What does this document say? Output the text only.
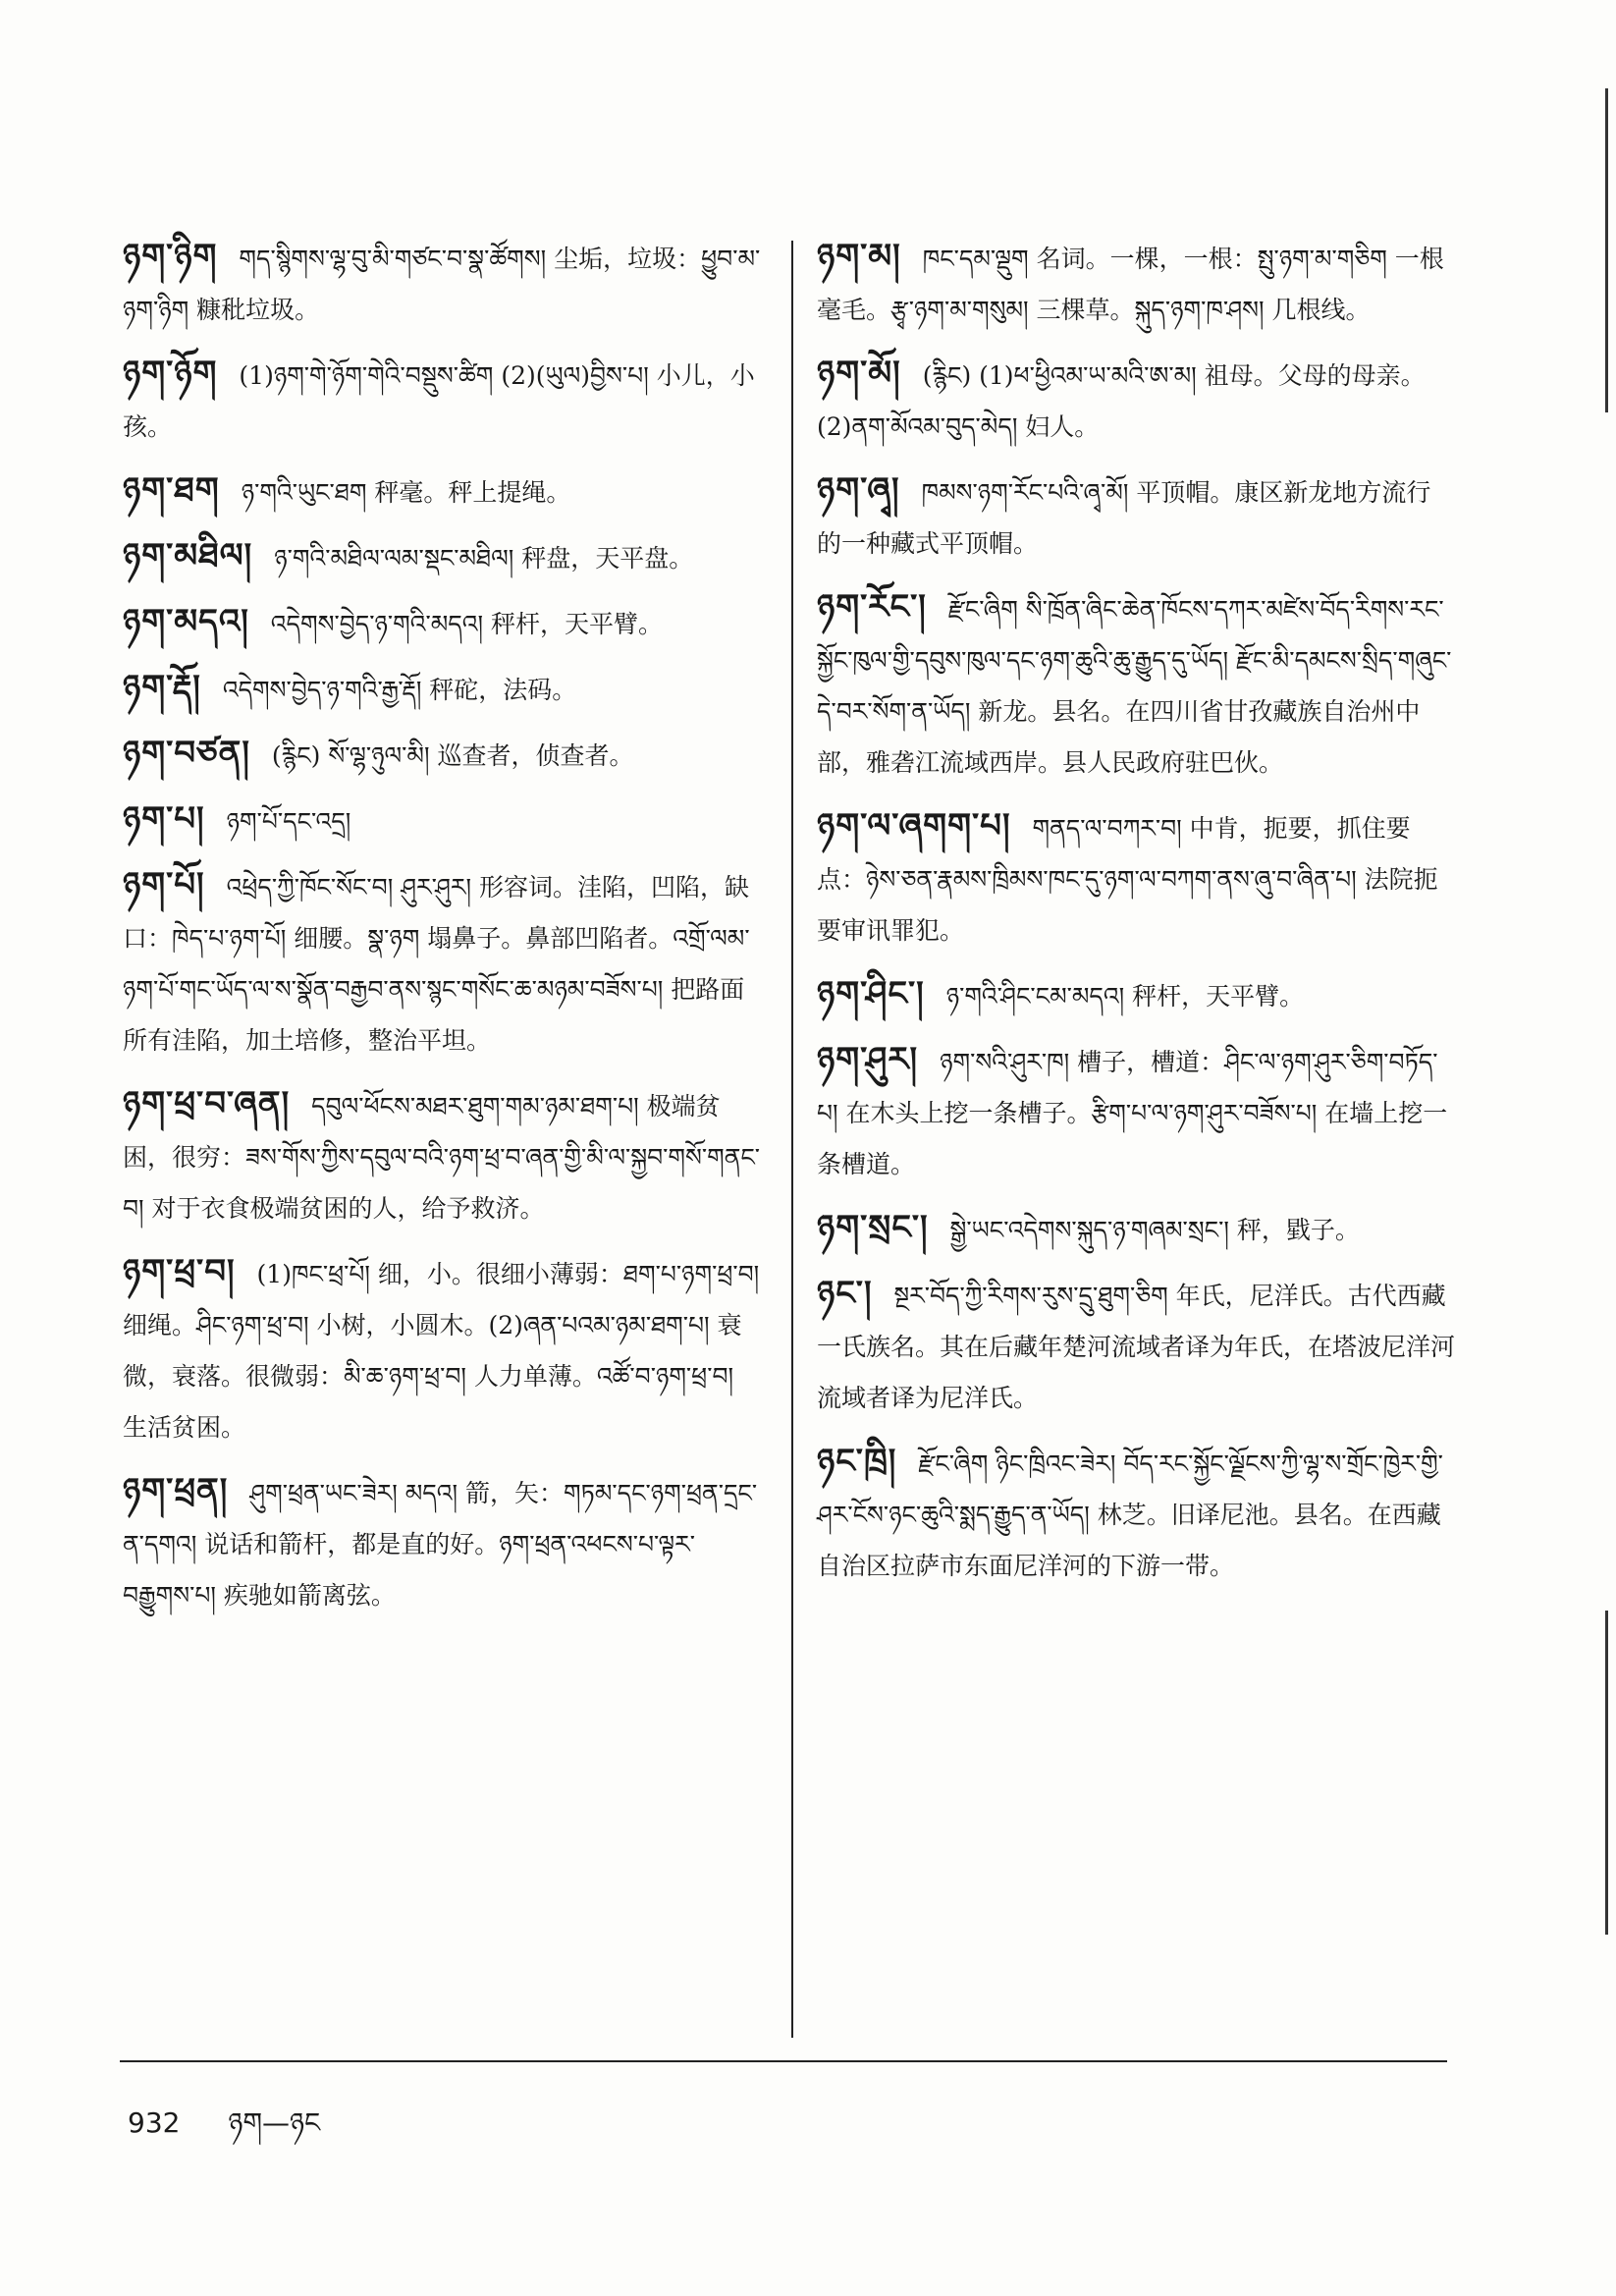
ཉག་ཉིག གད་སྙིགས་ལྷ་བུ་མི་གཙང་བ་སྣ་ཚོགས། 尘垢，垃圾：ཕྱུབ་མ་ཉག་ཉིག 糠秕垃圾。
ཉག་ཉོག (1)ཉག་གེ་ཉོག་གེའི་བསྡུས་ཚིག (2)(ཡུལ)བྱིས་པ། 小儿，小孩。
ཉག་ཐག ཉ་གའི་ཡུང་ཐག 秤毫。秤上提绳。
ཉག་མཐིལ། ཉ་གའི་མཐིལ་ལམ་སྡང་མཐིལ། 秤盘，天平盘。
ཉག་མདའ། འདེགས་བྱེད་ཉ་གའི་མདའ། 秤杆，天平臂。
ཉག་རྡོ། འདེགས་བྱེད་ཉ་གའི་རྒྱ་རྡོ། 秤砣，法码。
ཉག་བཙན། (རྙིང) སོ་ལྷ་ཉུལ་མི། 巡查者，侦查者。
ཉག་པ། ཉག་པོ་དང་འདྲ།
ཉག་པོ། འཕྲེད་ཀྱི་ཁོང་སོང་བ། ཤུར་ཤུར། 形容词。洼陷，凹陷，缺口：ཁེད་པ་ཉག་པོ། 细腰。སྣ་ཉག 塌鼻子。鼻部凹陷者。འགྲོ་ལམ་ཉག་པོ་གང་ཡོད་ལ་ས་སྣོན་བརྒྱབ་ནས་སྙང་གསོང་ཆ་མཉམ་བཟོས་པ། 把路面所有洼陷，加土培修，整治平坦。
ཉག་ཕྲ་བ་ཞན། དབུལ་ཕོངས་མཐར་ཐུག་གམ་ཉམ་ཐག་པ། 极端贫困，很穷：ཟས་གོས་ཀྱིས་དབུལ་བའི་ཉག་ཕྲ་བ་ཞན་གྱི་མི་ལ་སྐྱབ་གསོ་གནང་བ། 对于衣食极端贫困的人，给予救济。
ཉག་ཕྲ་བ། (1)ཁང་ཕྲ་པོ། 细，小。很细小薄弱：ཐག་པ་ཉག་ཕྲ་བ། 细绳。ཤིང་ཉག་ཕྲ་བ། 小树，小圆木。(2)ཞན་པའམ་ཉམ་ཐག་པ། 衰微，衰落。很微弱：མི་ཆ་ཉག་ཕྲ་བ། 人力单薄。འཚོ་བ་ཉག་ཕྲ་བ། 生活贫困。
ཉག་ཕྲན། ཤུག་ཕྲན་ཡང་ཟེར། མདའ། 箭，矢：གཏམ་དང་ཉག་ཕྲན་དྲང་ན་དགའ། 说话和箭杆，都是直的好。ཉག་ཕྲན་འཕངས་པ་ལྟར་བརྒྱུགས་པ། 疾驰如箭离弦。
ཉག་མ། ཁང་དམ་ལྡུག 名词。一棵，一根：སྤུ་ཉག་མ་གཅིག 一根毫毛。རྩྭ་ཉག་མ་གསུམ། 三棵草。སྐུད་ཉག་ཁ་ཤས། 几根线。
ཉག་མོ། (རྙིང) (1)ཕ་ཕྱིའམ་ཡ་མའི་ཨ་མ། 祖母。父母的母亲。(2)ནག་མོའམ་བུད་མེད། 妇人。
ཉག་ཞྭ། ཁམས་ཉག་རོང་པའི་ཞྭ་མོ། 平顶帽。康区新龙地方流行的一种藏式平顶帽。
ཉག་རོང་། རྫོང་ཞིག སི་ཁྲོན་ཞིང་ཆེན་ཁོངས་དཀར་མཛེས་བོད་རིགས་རང་སྐྱོང་ཁུལ་གྱི་དབུས་ཁུལ་དང་ཉག་ཆུའི་ཆུ་རྒྱུད་དུ་ཡོད། རྫོང་མི་དམངས་སྲིད་གཞུང་དེ་བར་སོག་ན་ཡོད། 新龙。县名。在四川省甘孜藏族自治州中部，雅砻江流域西岸。县人民政府驻巴伙。
ཉག་ལ་ཞགག་པ། གནད་ལ་བཀར་བ། 中肯，扼要，抓住要点：ཉེས་ཅན་རྣམས་ཁྲིམས་ཁང་དུ་ཉག་ལ་བཀག་ནས་ཞུ་བ་ཞིན་པ། 法院扼要审讯罪犯。
ཉག་ཤིང་། ཉ་གའི་ཤིང་ངམ་མདའ། 秤杆，天平臂。
ཉག་ཤུར། ཉག་སའི་ཤུར་ཁ། 槽子，槽道：ཤིང་ལ་ཉག་ཤུར་ཅིག་བཏོད་པ། 在木头上挖一条槽子。རྩིག་པ་ལ་ཉག་ཤུར་བཟོས་པ། 在墙上挖一条槽道。
ཉག་སྲང་། སྒྱེ་ཡང་འདེགས་སྐུད་ཉ་གཞམ་སྲང་། 秤，戥子。
ཉང་། སྔར་བོད་ཀྱི་རིགས་རུས་དྲུ་ཐུག་ཅིག 年氏，尼洋氏。古代西藏一氏族名。其在后藏年楚河流域者译为年氏，在塔波尼洋河流域者译为尼洋氏。
ཉང་ཁྲི། རྫོང་ཞིག ཉིང་ཁྲིའང་ཟེར། བོད་རང་སྐྱོང་ལྗོངས་ཀྱི་ལྷ་ས་གྲོང་ཁྱེར་གྱི་ཤར་ངོས་ཉང་ཆུའི་སྨད་རྒྱུད་ན་ཡོད། 林芝。旧译尼池。县名。在西藏自治区拉萨市东面尼洋河的下游一带。
932 ཉག—ཉང
